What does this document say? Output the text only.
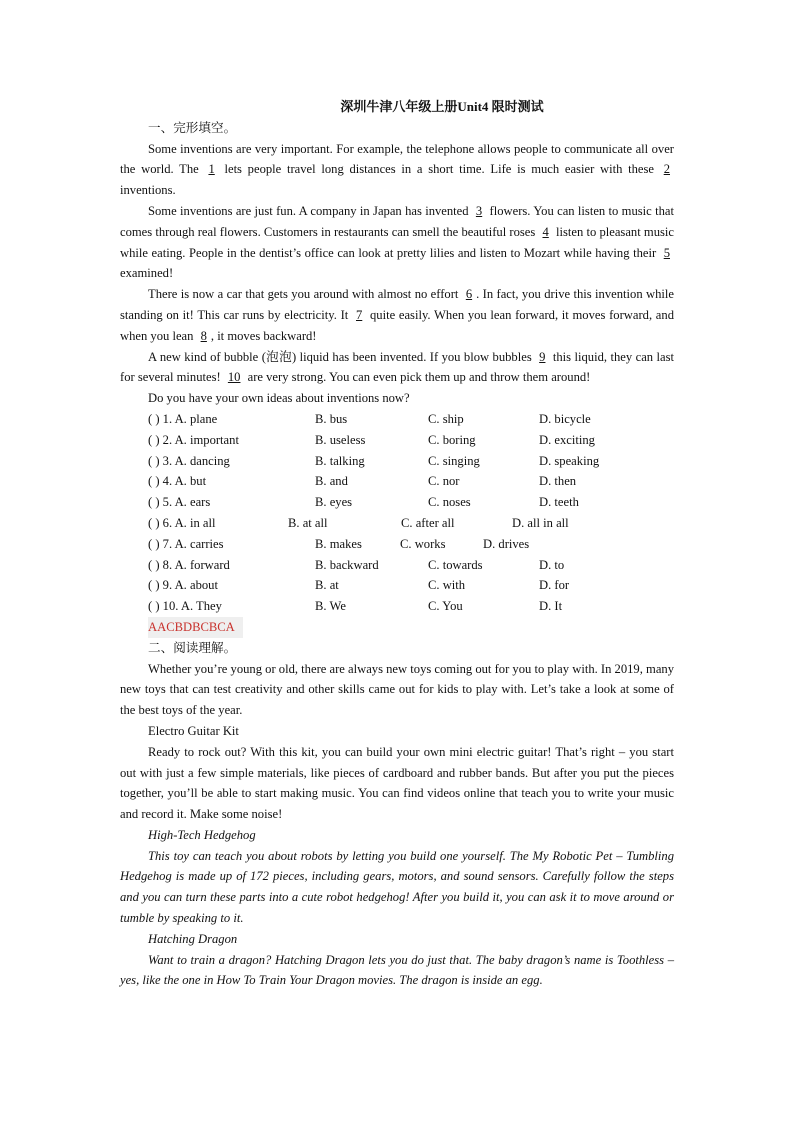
深圳牛津八年级上册Unit4 限时测试
一、完形填空。
Some inventions are very important. For example, the telephone allows people to communicate all over the world. The 1 lets people travel long distances in a short time. Life is much easier with these 2 inventions.
Some inventions are just fun. A company in Japan has invented 3 flowers. You can listen to music that comes through real flowers. Customers in restaurants can smell the beautiful roses 4 listen to pleasant music while eating. People in the dentist’s office can look at pretty lilies and listen to Mozart while having their 5 examined!
There is now a car that gets you around with almost no effort 6 . In fact, you drive this invention while standing on it! This car runs by electricity. It 7 quite easily. When you lean forward, it moves forward, and when you lean 8 , it moves backward!
A new kind of bubble (泡泡) liquid has been invented. If you blow bubbles 9 this liquid, they can last for several minutes! 10 are very strong. You can even pick them up and throw them around!
Do you have your own ideas about inventions now?
( ) 1. A. plane	B. bus	C. ship	D. bicycle
( ) 2. A. important	B. useless	C. boring	D. exciting
( ) 3. A. dancing	B. talking	C. singing	D. speaking
( ) 4. A. but	B. and	C. nor	D. then
( ) 5. A. ears	B. eyes	C. noses	D. teeth
( ) 6. A. in all	B. at all	C. after all	D. all in all
( ) 7. A. carries	B. makes	C. works	D. drives
( ) 8. A. forward	B. backward	C. towards	D. to
( ) 9. A. about	B. at	C. with	D. for
( ) 10. A. They	B. We	C. You	D. It
AACBDBCBCA
二、阅读理解。
Whether you’re young or old, there are always new toys coming out for you to play with. In 2019, many new toys that can test creativity and other skills came out for kids to play with. Let’s take a look at some of the best toys of the year.
Electro Guitar Kit
Ready to rock out? With this kit, you can build your own mini electric guitar! That’s right – you start out with just a few simple materials, like pieces of cardboard and rubber bands. But after you put the pieces together, you’ll be able to start making music. You can find videos online that teach you to write your music and record it. Make some noise!
High-Tech Hedgehog
This toy can teach you about robots by letting you build one yourself. The My Robotic Pet – Tumbling Hedgehog is made up of 172 pieces, including gears, motors, and sound sensors. Carefully follow the steps and you can turn these parts into a cute robot hedgehog! After you build it, you can ask it to move around or tumble by speaking to it.
Hatching Dragon
Want to train a dragon? Hatching Dragon lets you do just that. The baby dragon’s name is Toothless – yes, like the one in How To Train Your Dragon movies. The dragon is inside an egg.
